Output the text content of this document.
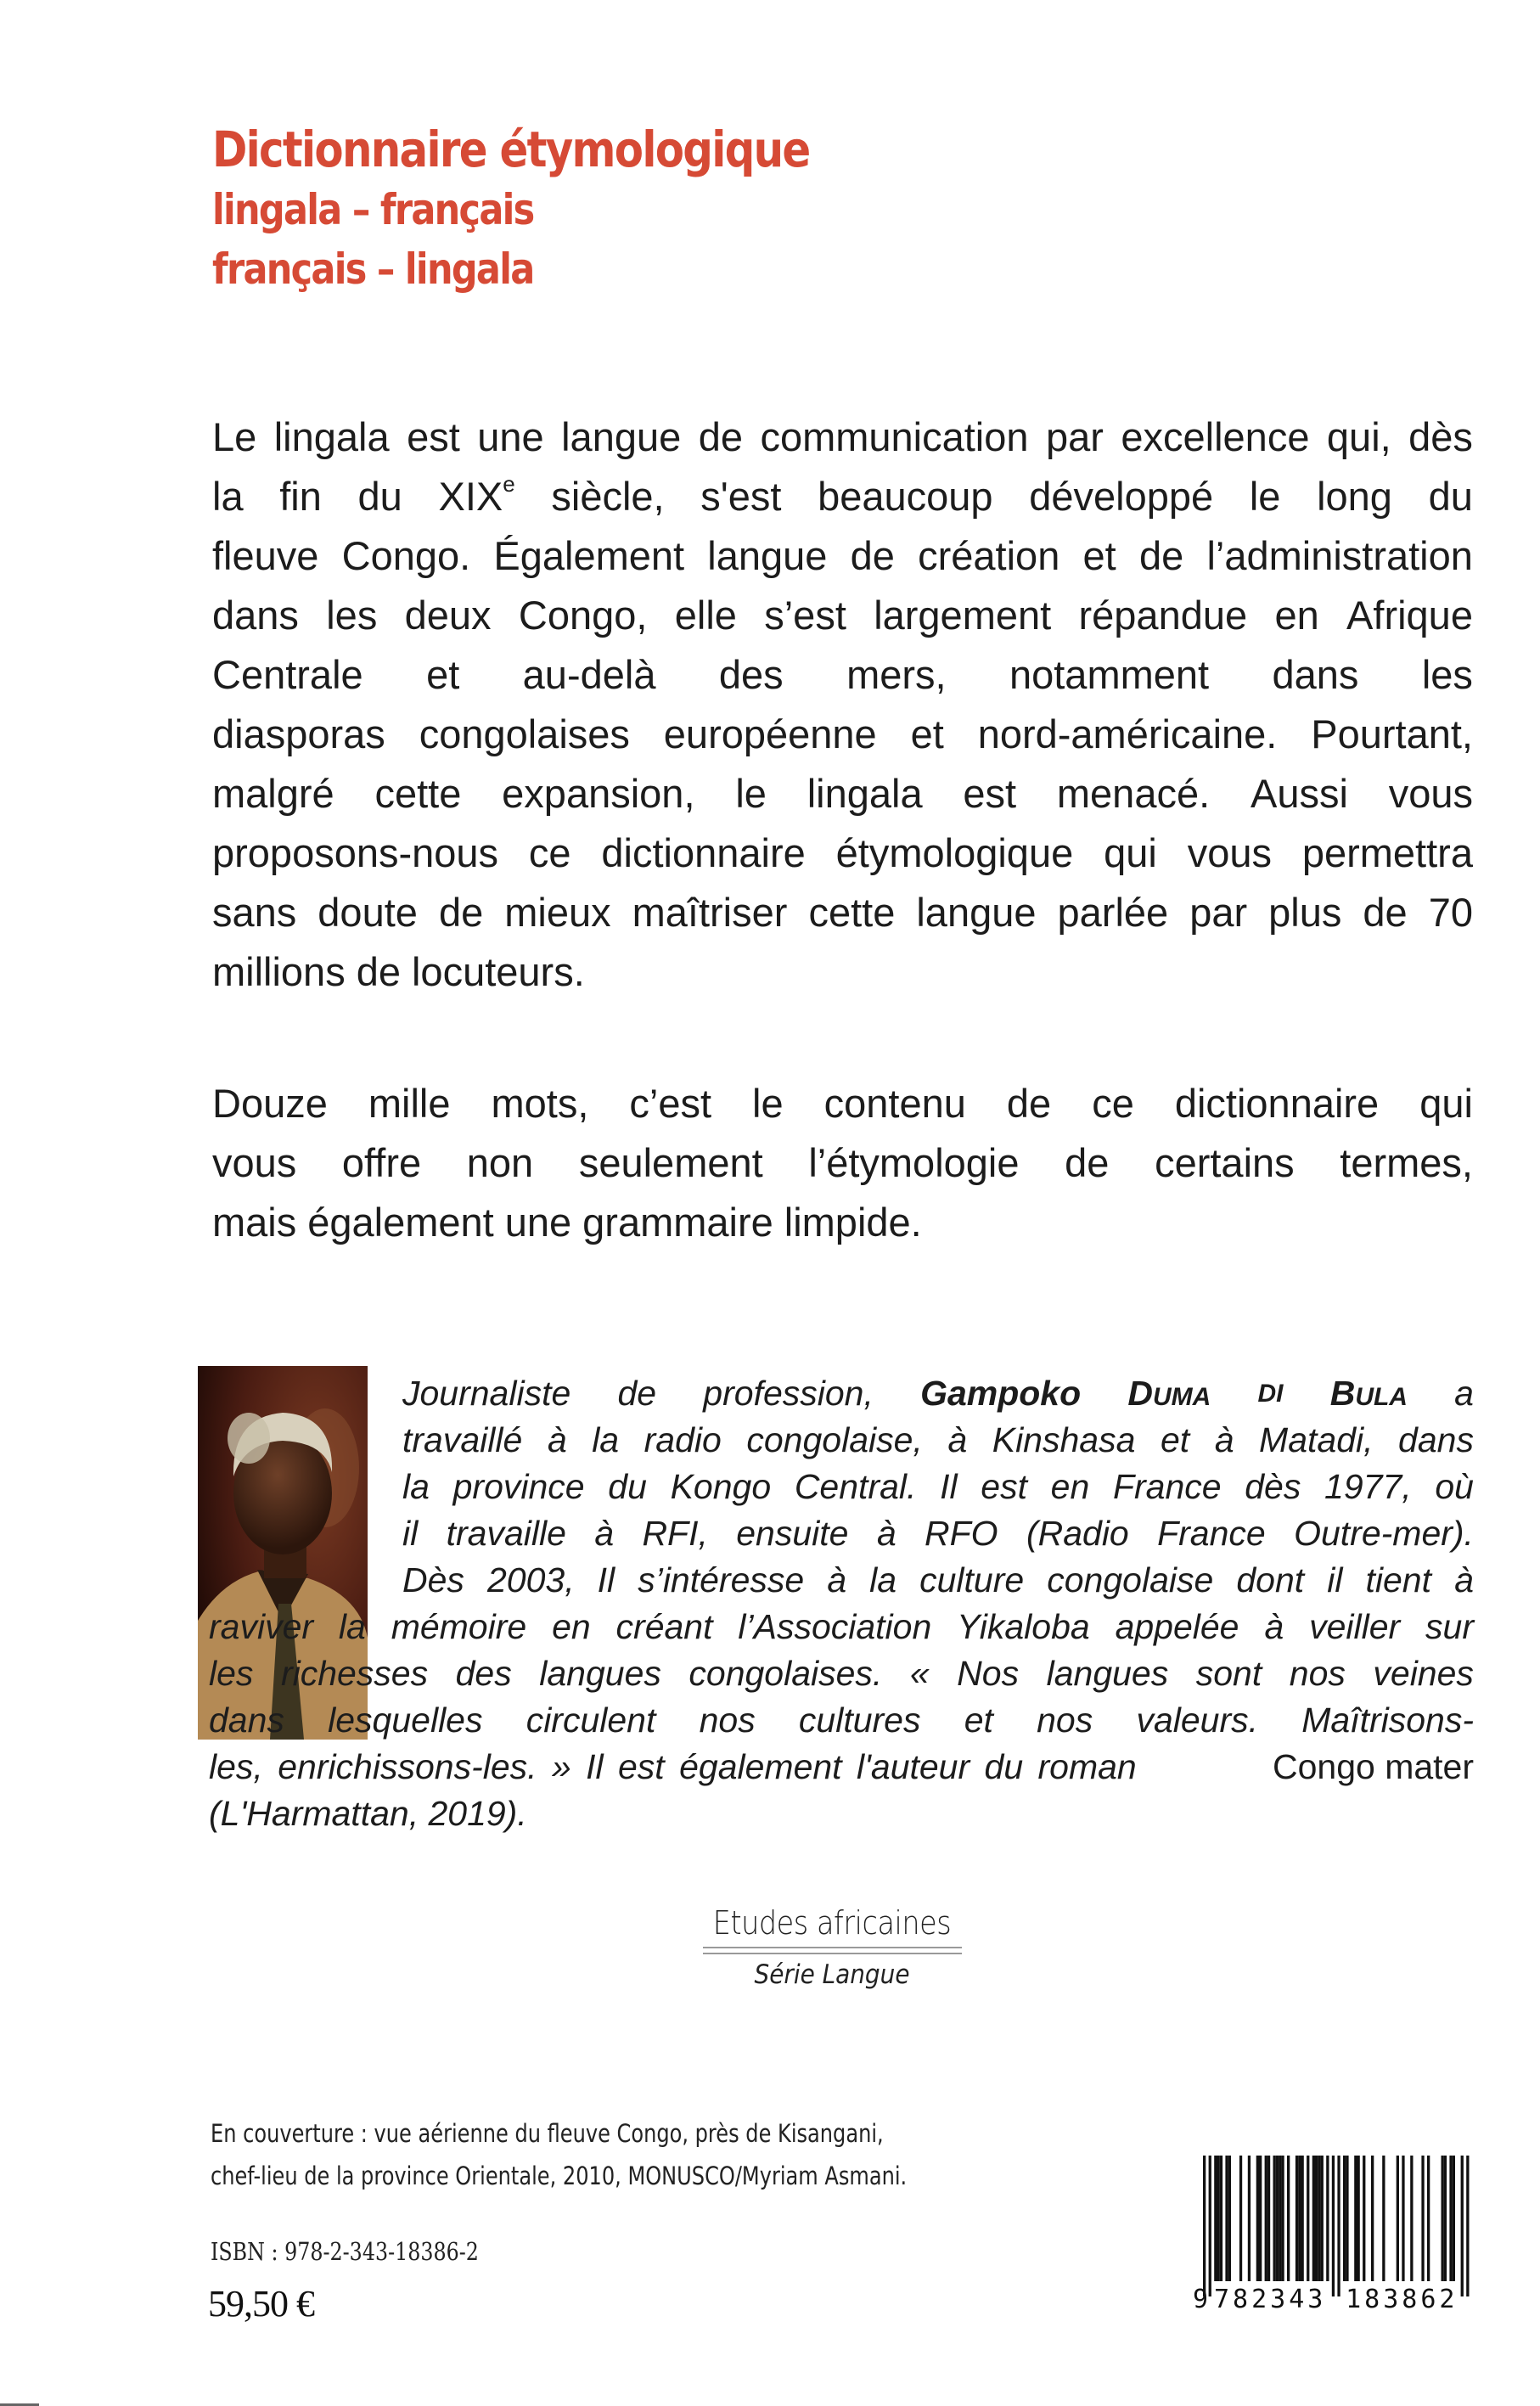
Dictionnaire étymologique
lingala – français
français – lingala
Le lingala est une langue de communication par excellence qui, dès
la fin du XIXe siècle, s'est beaucoup développé le long du
fleuve Congo. Également langue de création et de l’administration
dans les deux Congo, elle s’est largement répandue en Afrique
Centrale et au-delà des mers, notamment dans les
diasporas congolaises européenne et nord-américaine. Pourtant,
malgré cette expansion, le lingala est menacé. Aussi vous
proposons-nous ce dictionnaire étymologique qui vous permettra
sans doute de mieux maîtriser cette langue parlée par plus de 70
millions de locuteurs.
Douze mille mots, c’est le contenu de ce dictionnaire qui
vous offre non seulement l’étymologie de certains termes,
mais également une grammaire limpide.
Journaliste de profession, Gampoko DUMA DI BULA a
travaillé à la radio congolaise, à Kinshasa et à Matadi, dans
la province du Kongo Central. Il est en France dès 1977, où
il travaille à RFI, ensuite à RFO (Radio France Outre-mer).
Dès 2003, Il s’intéresse à la culture congolaise dont il tient à
raviver la mémoire en créant l’Association Yikaloba appelée à veiller sur
les richesses des langues congolaises. « Nos langues sont nos veines
dans lesquelles circulent nos cultures et nos valeurs. Maîtrisons-
les, enrichissons-les. » Il est également l'auteur du roman	Congo mater
(L'Harmattan, 2019).
Etudes africaines
Série Langue
En couverture : vue aérienne du fleuve Congo, près de Kisangani,
chef-lieu de la province Orientale, 2010, MONUSCO/Myriam Asmani.
ISBN : 978-2-343-18386-2
59,50 €	9 782343 183862
